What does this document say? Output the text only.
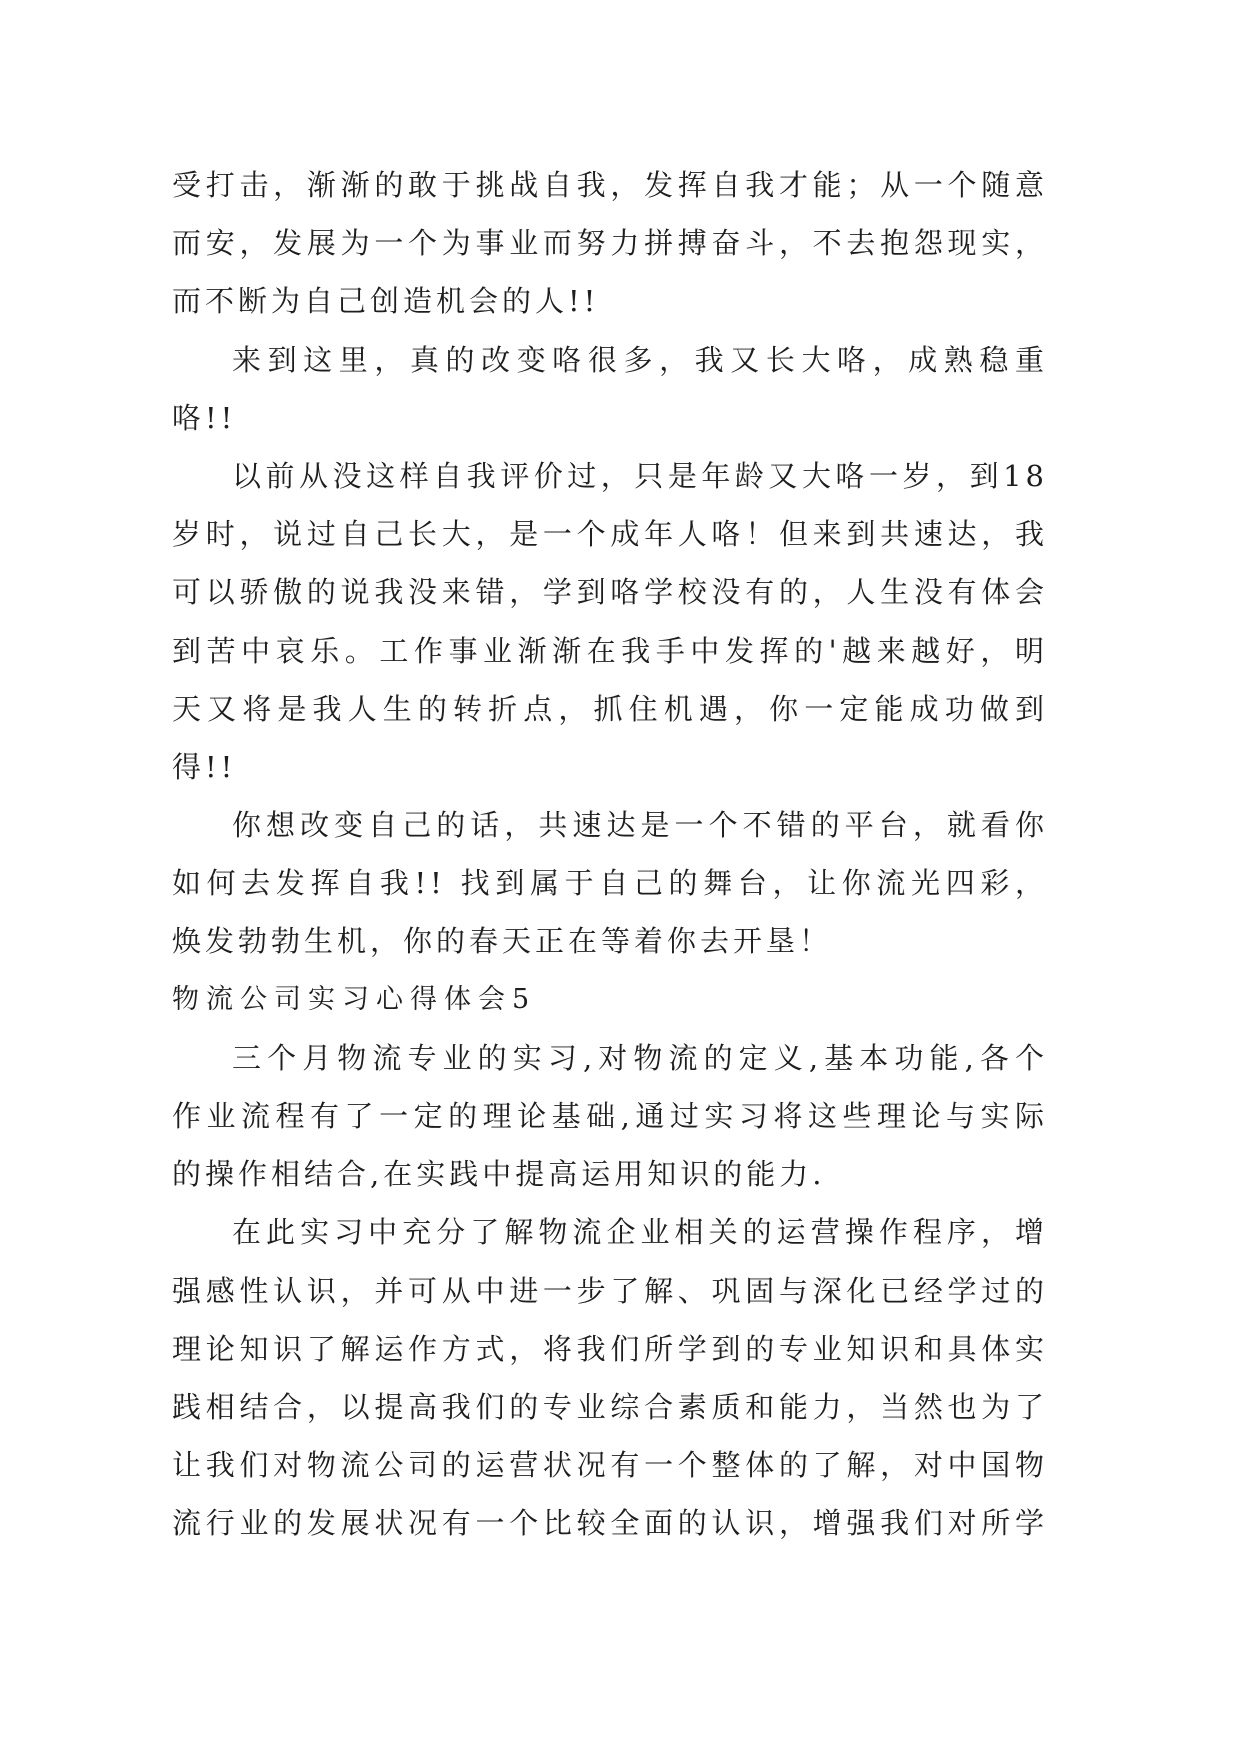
受打击，渐渐的敢于挑战自我，发挥自我才能；从一个随意
而安，发展为一个为事业而努力拼搏奋斗，不去抱怨现实，
而不断为自己创造机会的人!!
来到这里，真的改变咯很多，我又长大咯，成熟稳重
咯!!
以前从没这样自我评价过，只是年龄又大咯一岁，到18
岁时，说过自己长大，是一个成年人咯！但来到共速达，我
可以骄傲的说我没来错，学到咯学校没有的，人生没有体会
到苦中哀乐。工作事业渐渐在我手中发挥的'越来越好，明
天又将是我人生的转折点，抓住机遇，你一定能成功做到
得!!
你想改变自己的话，共速达是一个不错的平台，就看你
如何去发挥自我!! 找到属于自己的舞台，让你流光四彩，
焕发勃勃生机，你的春天正在等着你去开垦！
物流公司实习心得体会5
三个月物流专业的实习,对物流的定义,基本功能,各个
作业流程有了一定的理论基础,通过实习将这些理论与实际
的操作相结合,在实践中提高运用知识的能力.
在此实习中充分了解物流企业相关的运营操作程序，增
强感性认识，并可从中进一步了解、巩固与深化已经学过的
理论知识了解运作方式，将我们所学到的专业知识和具体实
践相结合，以提高我们的专业综合素质和能力，当然也为了
让我们对物流公司的运营状况有一个整体的了解，对中国物
流行业的发展状况有一个比较全面的认识，增强我们对所学
